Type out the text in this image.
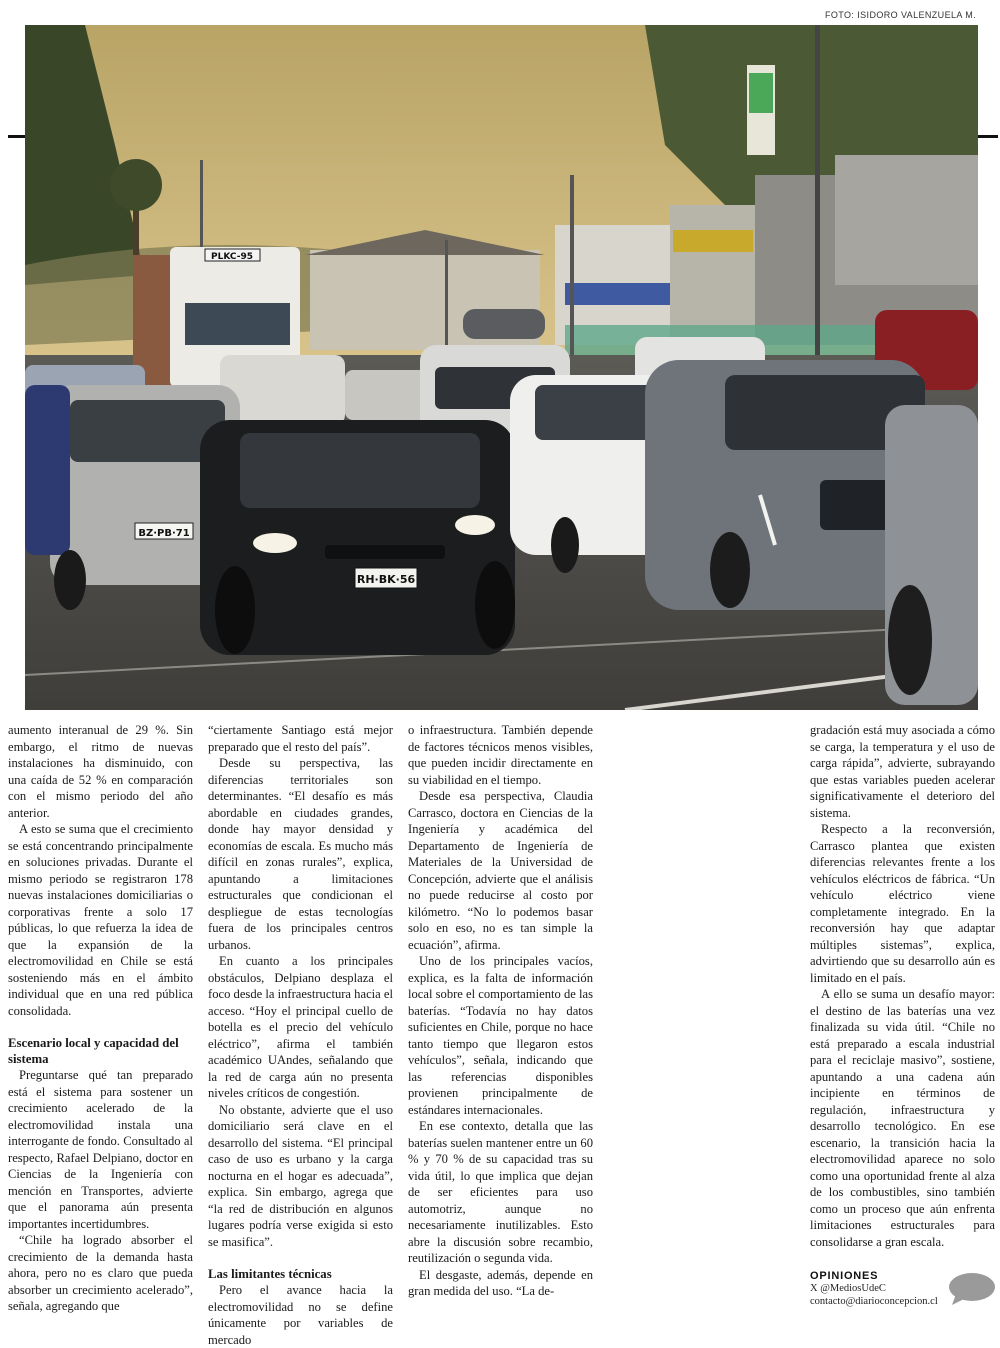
FOTO: ISIDORO VALENZUELA M.
PLKC-95
BZ·PB·71
RH·BK·56

aumento interanual de 29 %. Sin embargo, el ritmo de nuevas instalaciones ha disminuido, con una caída de 52 % en comparación con el mismo periodo del año anterior.

A esto se suma que el crecimiento se está concentrando principalmente en soluciones privadas. Durante el mismo periodo se registraron 178 nuevas instalaciones domiciliarias o corporativas frente a solo 17 públicas, lo que refuerza la idea de que la expansión de la electromovilidad en Chile se está sosteniendo más en el ámbito individual que en una red pública consolidada.

Escenario local y capacidad del sistema

Preguntarse qué tan preparado está el sistema para sostener un crecimiento acelerado de la electromovilidad instala una interrogante de fondo. Consultado al respecto, Rafael Delpiano, doctor en Ciencias de la Ingeniería con mención en Transportes, advierte que el panorama aún presenta importantes incertidumbres.

“Chile ha logrado absorber el crecimiento de la demanda hasta ahora, pero no es claro que pueda absorber un crecimiento acelerado”, señala, agregando que

“ciertamente Santiago está mejor preparado que el resto del país”.

Desde su perspectiva, las diferencias territoriales son determinantes. “El desafío es más abordable en ciudades grandes, donde hay mayor densidad y economías de escala. Es mucho más difícil en zonas rurales”, explica, apuntando a limitaciones estructurales que condicionan el despliegue de estas tecnologías fuera de los principales centros urbanos.

En cuanto a los principales obstáculos, Delpiano desplaza el foco desde la infraestructura hacia el acceso. “Hoy el principal cuello de botella es el precio del vehículo eléctrico”, afirma el también académico UAndes, señalando que la red de carga aún no presenta niveles críticos de congestión.

No obstante, advierte que el uso domiciliario será clave en el desarrollo del sistema. “El principal caso de uso es urbano y la carga nocturna en el hogar es adecuada”, explica. Sin embargo, agrega que “la red de distribución en algunos lugares podría verse exigida si esto se masifica”.

Las limitantes técnicas

Pero el avance hacia la electromovilidad no se define únicamente por variables de mercado

o infraestructura. También depende de factores técnicos menos visibles, que pueden incidir directamente en su viabilidad en el tiempo.

Desde esa perspectiva, Claudia Carrasco, doctora en Ciencias de la Ingeniería y académica del Departamento de Ingeniería de Materiales de la Universidad de Concepción, advierte que el análisis no puede reducirse al costo por kilómetro. “No lo podemos basar solo en eso, no es tan simple la ecuación”, afirma.

Uno de los principales vacíos, explica, es la falta de información local sobre el comportamiento de las baterías. “Todavía no hay datos suficientes en Chile, porque no hace tanto tiempo que llegaron estos vehículos”, señala, indicando que las referencias disponibles provienen principalmente de estándares internacionales.

En ese contexto, detalla que las baterías suelen mantener entre un 60 % y 70 % de su capacidad tras su vida útil, lo que implica que dejan de ser eficientes para uso automotriz, aunque no necesariamente inutilizables. Esto abre la discusión sobre recambio, reutilización o segunda vida.

El desgaste, además, depende en gran medida del uso. “La de-

gradación está muy asociada a cómo se carga, la temperatura y el uso de carga rápida”, advierte, subrayando que estas variables pueden acelerar significativamente el deterioro del sistema.

Respecto a la reconversión, Carrasco plantea que existen diferencias relevantes frente a los vehículos eléctricos de fábrica. “Un vehículo eléctrico viene completamente integrado. En la reconversión hay que adaptar múltiples sistemas”, explica, advirtiendo que su desarrollo aún es limitado en el país.

A ello se suma un desafío mayor: el destino de las baterías una vez finalizada su vida útil. “Chile no está preparado a escala industrial para el reciclaje masivo”, sostiene, apuntando a una cadena aún incipiente en términos de regulación, infraestructura y desarrollo tecnológico. En ese escenario, la transición hacia la electromovilidad aparece no solo como una oportunidad frente al alza de los combustibles, sino también como un proceso que aún enfrenta limitaciones estructurales para consolidarse a gran escala.

OPINIONES
X @MediosUdeC
contacto@diarioconcepcion.cl
